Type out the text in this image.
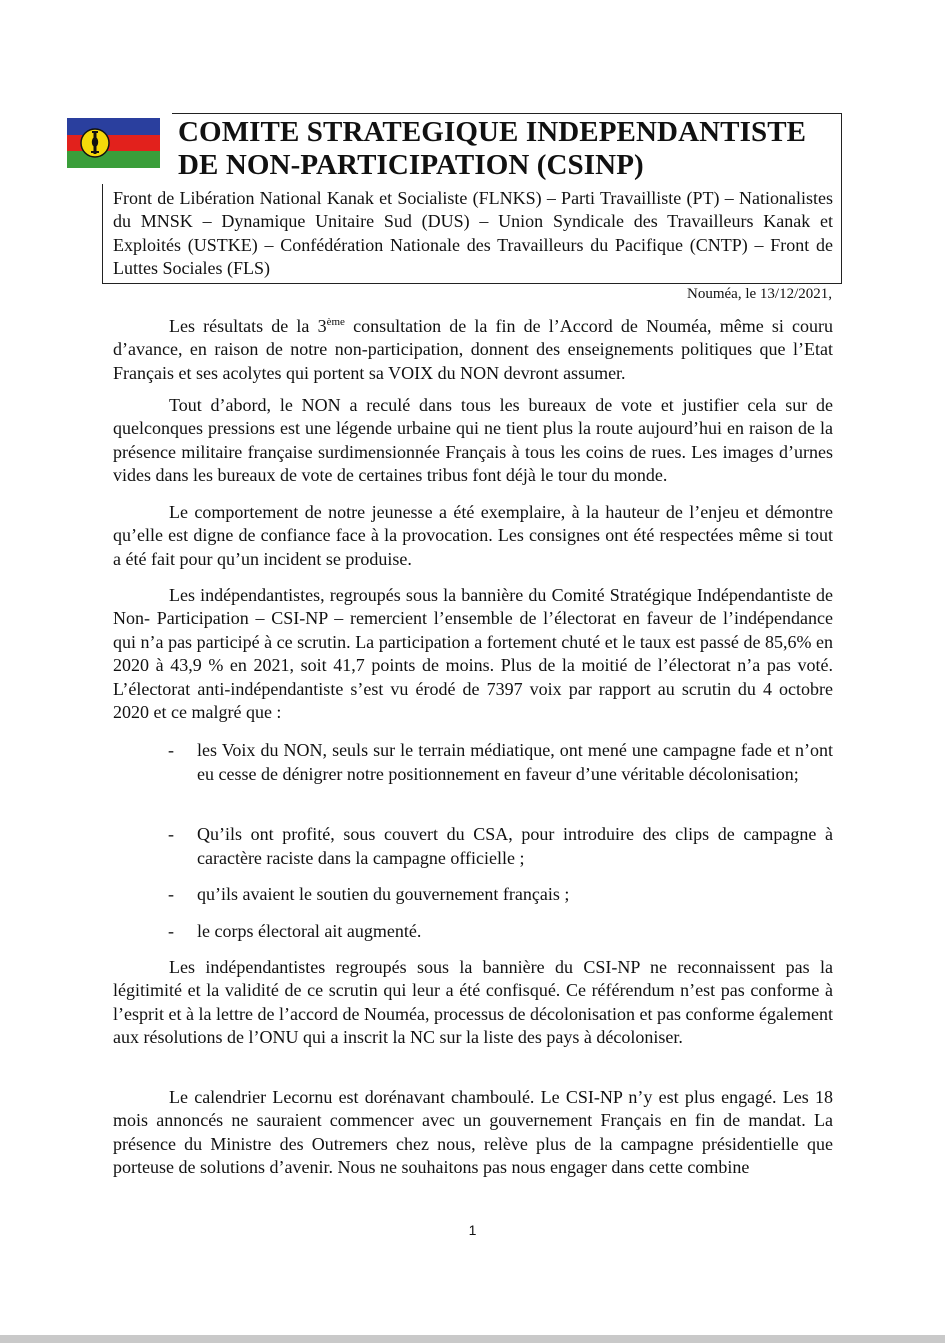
COMITE STRATEGIQUE INDEPENDANTISTE
DE NON-PARTICIPATION (CSINP)

Front de Libération National Kanak et Socialiste (FLNKS) – Parti Travailliste (PT) – Nationalistes du MNSK – Dynamique Unitaire Sud (DUS) – Union Syndicale des Travailleurs Kanak et Exploités (USTKE) – Confédération Nationale des Travailleurs du Pacifique (CNTP) – Front de Luttes Sociales (FLS)

Nouméa, le 13/12/2021,

Les résultats de la 3ème consultation de la fin de l’Accord de Nouméa, même si couru d’avance, en raison de notre non-participation, donnent des enseignements politiques que l’Etat Français et ses acolytes qui portent sa VOIX du NON devront assumer.

Tout d’abord, le NON a reculé dans tous les bureaux de vote et justifier cela sur de quelconques pressions est une légende urbaine qui ne tient plus la route aujourd’hui en raison de la présence militaire française surdimensionnée Français à tous les coins de rues. Les images d’urnes vides dans les bureaux de vote de certaines tribus font déjà le tour du monde.

Le comportement de notre jeunesse a été exemplaire, à la hauteur de l’enjeu et démontre qu’elle est digne de confiance face à la provocation. Les consignes ont été respectées même si tout a été fait pour qu’un incident se produise.

Les indépendantistes, regroupés sous la bannière du Comité Stratégique Indépendantiste de Non- Participation – CSI-NP – remercient l’ensemble de l’électorat en faveur de l’indépendance qui n’a pas participé à ce scrutin. La participation a fortement chuté et le taux est passé de 85,6% en 2020 à 43,9 % en 2021, soit 41,7 points de moins. Plus de la moitié de l’électorat n’a pas voté. L’électorat anti-indépendantiste s’est vu érodé de 7397 voix par rapport au scrutin du 4 octobre 2020 et ce malgré que :

- les Voix du NON, seuls sur le terrain médiatique, ont mené une campagne fade et n’ont eu cesse de dénigrer notre positionnement en faveur d’une véritable décolonisation;
- Qu’ils ont profité, sous couvert du CSA, pour introduire des clips de campagne à caractère raciste dans la campagne officielle ;
- qu’ils avaient le soutien du gouvernement français ;
- le corps électoral ait augmenté.

Les indépendantistes regroupés sous la bannière du CSI-NP ne reconnaissent pas la légitimité et la validité de ce scrutin qui leur a été confisqué. Ce référendum n’est pas conforme à l’esprit et à la lettre de l’accord de Nouméa, processus de décolonisation et pas conforme également aux résolutions de l’ONU qui a inscrit la NC sur la liste des pays à décoloniser.

Le calendrier Lecornu est dorénavant chamboulé. Le CSI-NP n’y est plus engagé. Les 18 mois annoncés ne sauraient commencer avec un gouvernement Français en fin de mandat. La présence du Ministre des Outremers chez nous, relève plus de la campagne présidentielle que porteuse de solutions d’avenir. Nous ne souhaitons pas nous engager dans cette combine

1
